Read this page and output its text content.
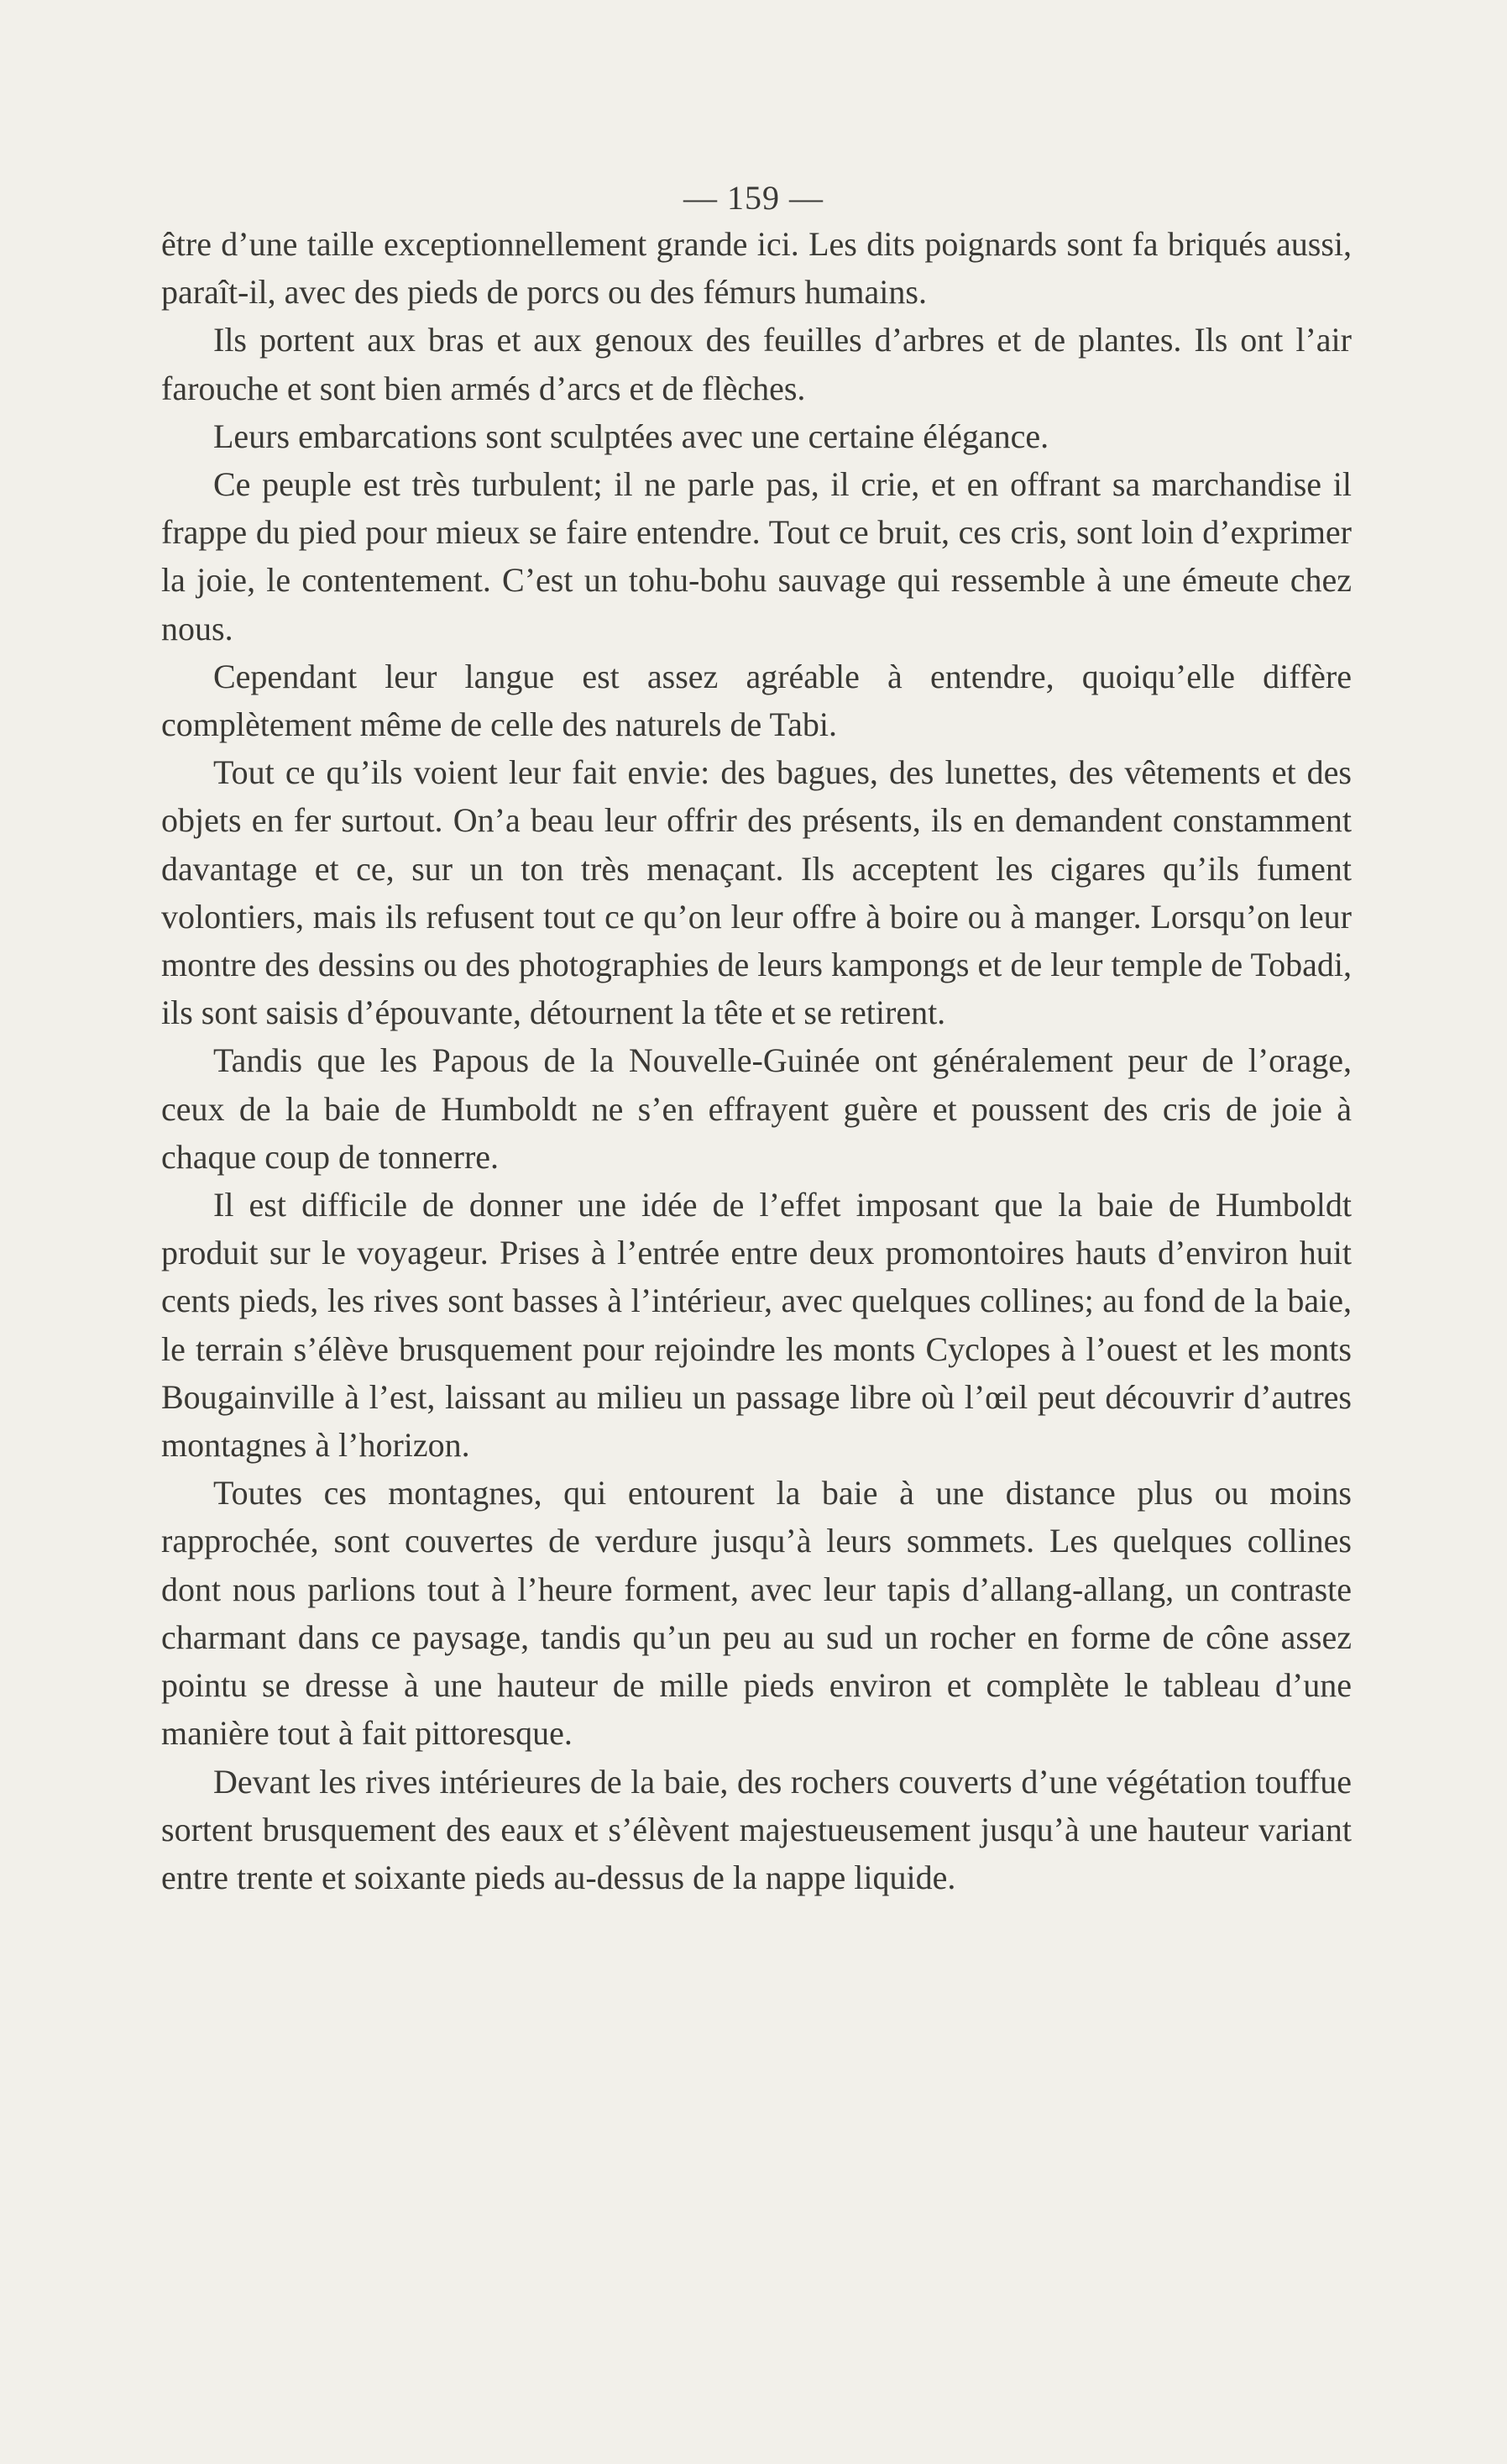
— 159 —

être d’une taille exceptionnellement grande ici. Les dits poignards sont fa briqués aussi, paraît-il, avec des pieds de porcs ou des fémurs humains.

Ils portent aux bras et aux genoux des feuilles d’arbres et de plantes. Ils ont l’air farouche et sont bien armés d’arcs et de flèches.

Leurs embarcations sont sculptées avec une certaine élégance.

Ce peuple est très turbulent; il ne parle pas, il crie, et en offrant sa marchandise il frappe du pied pour mieux se faire entendre. Tout ce bruit, ces cris, sont loin d’exprimer la joie, le contentement. C’est un tohu-bohu sauvage qui ressemble à une émeute chez nous.

Cependant leur langue est assez agréable à entendre, quoiqu’elle diffère complètement même de celle des naturels de Tabi.

Tout ce qu’ils voient leur fait envie: des bagues, des lunettes, des vêtements et des objets en fer surtout. On’a beau leur offrir des présents, ils en demandent constamment davantage et ce, sur un ton très menaçant. Ils acceptent les cigares qu’ils fument volontiers, mais ils refusent tout ce qu’on leur offre à boire ou à manger. Lorsqu’on leur montre des dessins ou des photographies de leurs kampongs et de leur temple de Tobadi, ils sont saisis d’épouvante, détournent la tête et se retirent.

Tandis que les Papous de la Nouvelle-Guinée ont généralement peur de l’orage, ceux de la baie de Humboldt ne s’en effrayent guère et poussent des cris de joie à chaque coup de tonnerre.

Il est difficile de donner une idée de l’effet imposant que la baie de Humboldt produit sur le voyageur. Prises à l’entrée entre deux promontoires hauts d’environ huit cents pieds, les rives sont basses à l’intérieur, avec quelques collines; au fond de la baie, le terrain s’élève brusquement pour rejoindre les monts Cyclopes à l’ouest et les monts Bougainville à l’est, laissant au milieu un passage libre où l’œil peut découvrir d’autres montagnes à l’horizon.

Toutes ces montagnes, qui entourent la baie à une distance plus ou moins rapprochée, sont couvertes de verdure jusqu’à leurs sommets. Les quelques collines dont nous parlions tout à l’heure forment, avec leur tapis d’allang-allang, un contraste charmant dans ce paysage, tandis qu’un peu au sud un rocher en forme de cône assez pointu se dresse à une hauteur de mille pieds environ et complète le tableau d’une manière tout à fait pittoresque.

Devant les rives intérieures de la baie, des rochers couverts d’une végétation touffue sortent brusquement des eaux et s’élèvent majestueusement jusqu’à une hauteur variant entre trente et soixante pieds au-dessus de la nappe liquide.
